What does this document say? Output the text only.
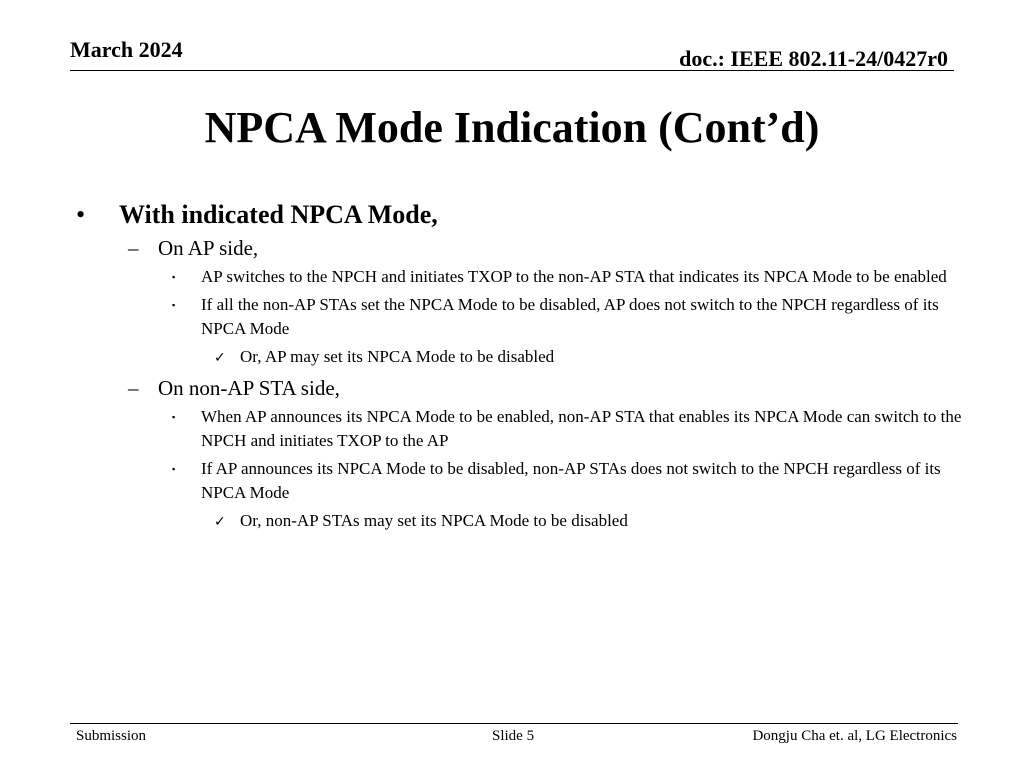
March 2024	doc.: IEEE 802.11-24/0427r0
NPCA Mode Indication (Cont’d)
•	With indicated NPCA Mode,
– On AP side,
▪	AP switches to the NPCH and initiates TXOP to the non-AP STA that indicates its NPCA Mode to be enabled
▪	If all the non-AP STAs set the NPCA Mode to be disabled, AP does not switch to the NPCH regardless of its NPCA Mode
✓ Or, AP may set its NPCA Mode to be disabled
– On non-AP STA side,
▪	When AP announces its NPCA Mode to be enabled, non-AP STA that enables its NPCA Mode can switch to the NPCH and initiates TXOP to the AP
▪	If AP announces its NPCA Mode to be disabled, non-AP STAs does not switch to the NPCH regardless of its NPCA Mode
✓ Or, non-AP STAs may set its NPCA Mode to be disabled
Submission	Slide 5	Dongju Cha et. al, LG Electronics
